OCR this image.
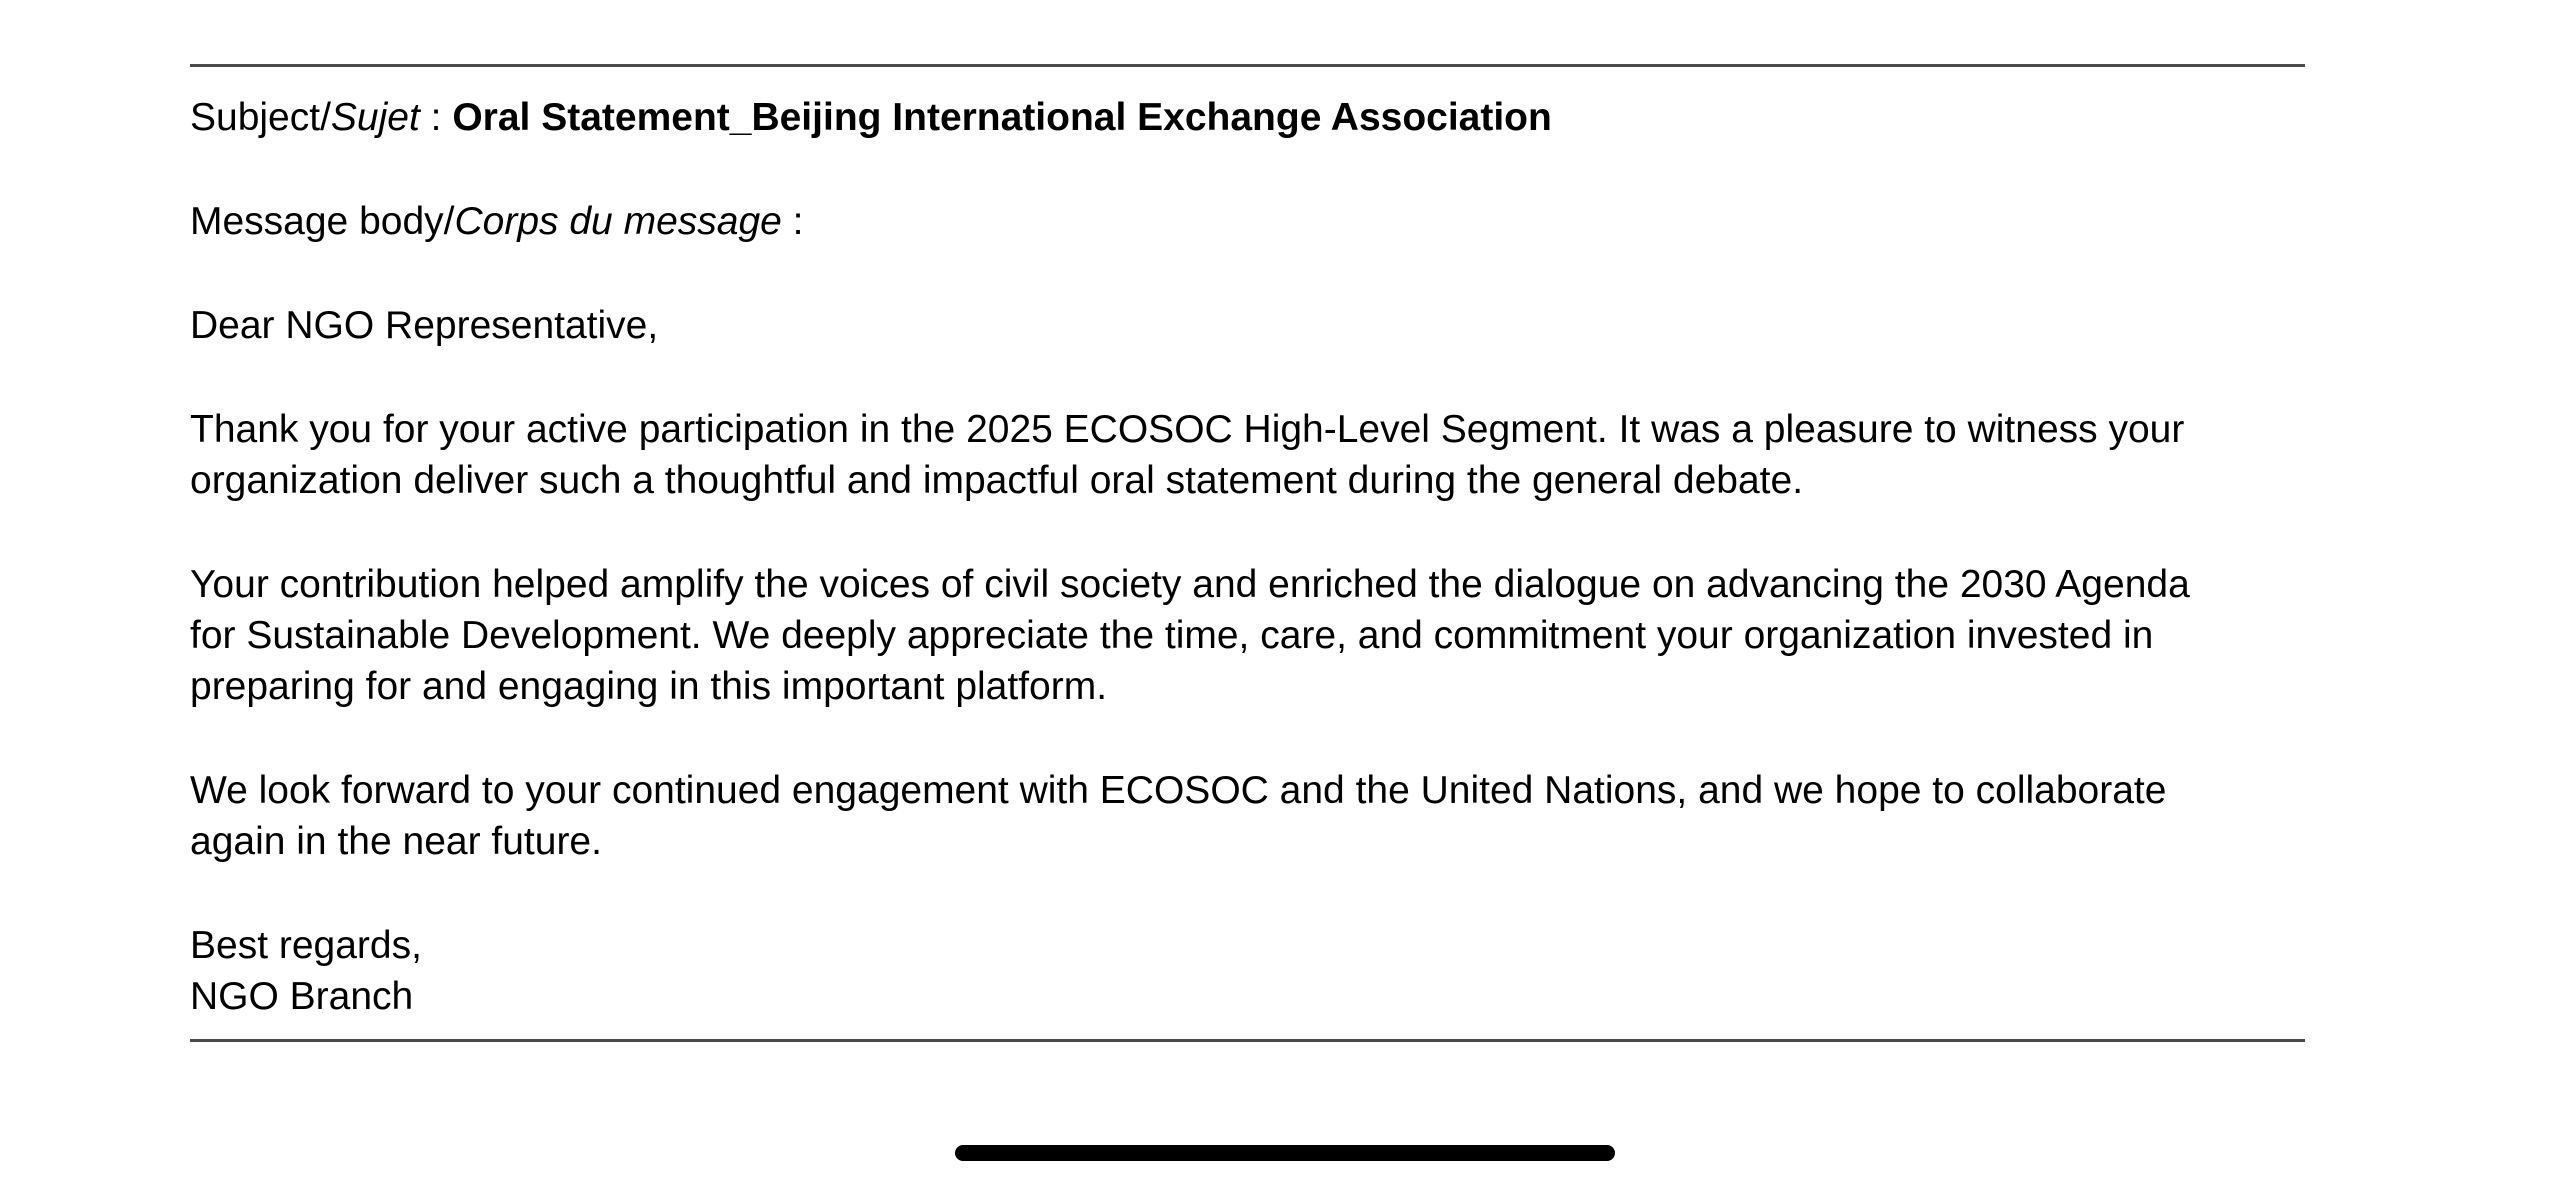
Subject/Sujet : Oral Statement_Beijing International Exchange Association
Message body/Corps du message :
Dear NGO Representative,

Thank you for your active participation in the 2025 ECOSOC High-Level Segment. It was a pleasure to witness your
organization deliver such a thoughtful and impactful oral statement during the general debate.

Your contribution helped amplify the voices of civil society and enriched the dialogue on advancing the 2030 Agenda
for Sustainable Development. We deeply appreciate the time, care, and commitment your organization invested in
preparing for and engaging in this important platform.

We look forward to your continued engagement with ECOSOC and the United Nations, and we hope to collaborate
again in the near future.

Best regards,
NGO Branch
